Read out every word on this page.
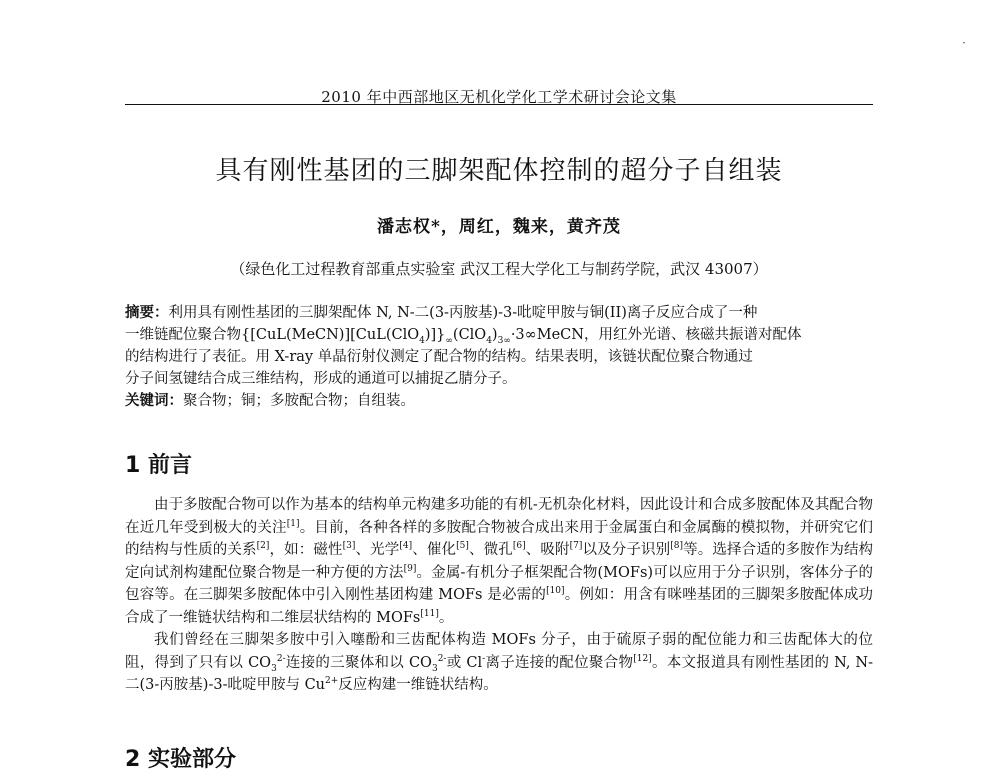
·
2010 年中西部地区无机化学化工学术研讨会论文集
具有刚性基团的三脚架配体控制的超分子自组装
潘志权*，周红，魏来，黄齐茂
（绿色化工过程教育部重点实验室 武汉工程大学化工与制药学院，武汉 43007）
摘要：利用具有刚性基团的三脚架配体 N, N-二(3-丙胺基)-3-吡啶甲胺与铜(II)离子反应合成了一种
一维链配位聚合物$\{[CuL(MeCN)][CuL(ClO_4)]\}_\infty(ClO_4)_{3\infty}\cdot 3\infty MeCN$，用红外光谱、核磁共振谱对配体
的结构进行了表征。用 X-ray 单晶衍射仪测定了配合物的结构。结果表明，该链状配位聚合物通过
分子间氢键结合成三维结构，形成的通道可以捕捉乙腈分子。
关键词：聚合物；铜；多胺配合物；自组装。
1 前言

由于多胺配合物可以作为基本的结构单元构建多功能的有机-无机杂化材料，因此设计和合成多胺配体及其配合物在近几年受到极大的关注[1]。目前，各种各样的多胺配合物被合成出来用于金属蛋白和金属酶的模拟物，并研究它们的结构与性质的关系[2]，如：磁性[3]、光学[4]、催化[5]、微孔[6]、吸附[7]以及分子识别[8]等。选择合适的多胺作为结构定向试剂构建配位聚合物是一种方便的方法[9]。金属-有机分子框架配合物(MOFs)可以应用于分子识别，客体分子的包容等。在三脚架多胺配体中引入刚性基团构建 MOFs 是必需的[10]。例如：用含有咪唑基团的三脚架多胺配体成功合成了一维链状结构和二维层状结构的 MOFs[11]。

我们曾经在三脚架多胺中引入噻酚和三齿配体构造 MOFs 分子，由于硫原子弱的配位能力和三齿配体大的位阻，得到了只有以 $CO_3^{2-}$连接的三聚体和以 $CO_3^{2-}$或 Cl-离子连接的配位聚合物[12]。本文报道具有刚性基团的 N, N-二(3-丙胺基)-3-吡啶甲胺与 $Cu^{2+}$反应构建一维链状结构。

2 实验部分
